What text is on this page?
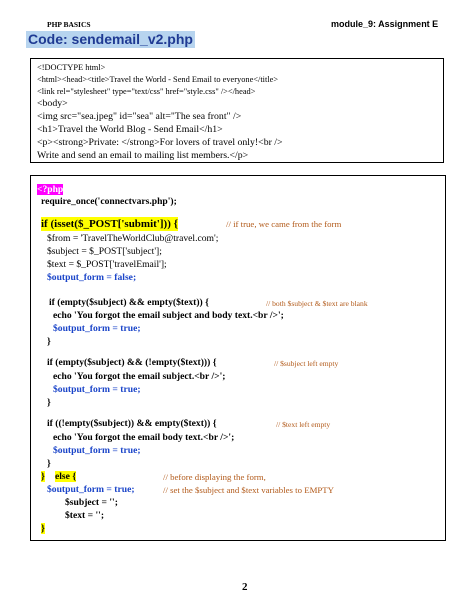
PHP BASICS	module_9: Assignment E
Code: sendemail_v2.php
<!DOCTYPE html>
<html><head><title>Travel the World - Send Email to everyone</title>
<link rel="stylesheet" type="text/css" href="style.css" /></head>
<body>
<img src="sea.jpeg" id="sea" alt="The sea front" />
<h1>Travel the World Blog - Send Email</h1>
<p><strong>Private: </strong>For lovers of travel only!<br />
Write and send an email to mailing list members.</p>
<?php
require_once('connectvars.php');
if (isset($_POST['submit'])) {	// if true, we came from the form
$from = 'TravelTheWorldClub@travel.com';
$subject = $_POST['subject'];
$text = $_POST['travelEmail'];
$output_form = false;
if (empty($subject) && empty($text)) {	// both $subject & $text are blank
echo 'You forgot the email subject and body text.<br />';
$output_form = true;
}
if (empty($subject) && (!empty($text))) {	// $subject left empty
echo 'You forgot the email subject.<br />';
$output_form = true;
}
if ((!empty($subject)) && empty($text)) {	// $text left empty
echo 'You forgot the email body text.<br />';
$output_form = true;
}
} else {	// before displaying the form,
$output_form = true;	// set the $subject and $text variables to EMPTY
$subject = '';
$text = '';
}
2
